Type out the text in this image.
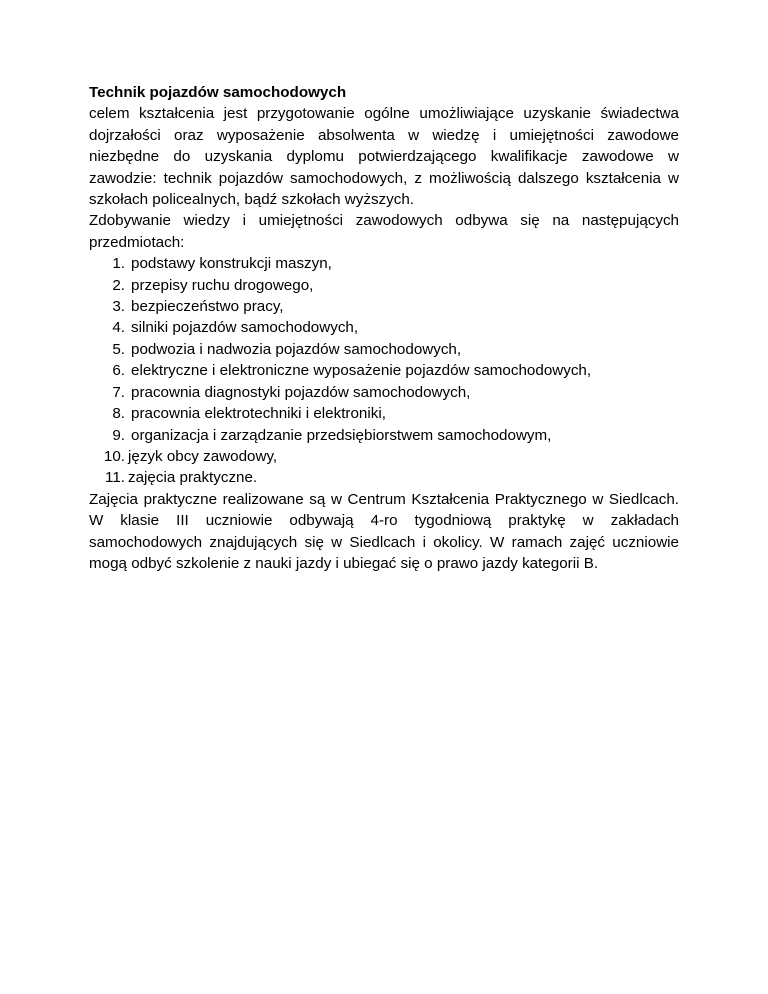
Technik pojazdów samochodowych

celem kształcenia jest przygotowanie ogólne umożliwiające uzyskanie świadectwa dojrzałości oraz wyposażenie absolwenta w wiedzę i umiejętności zawodowe niezbędne do uzyskania dyplomu potwierdzającego kwalifikacje zawodowe w zawodzie: technik pojazdów samochodowych, z możliwością dalszego kształcenia w szkołach policealnych, bądź szkołach wyższych.

Zdobywanie wiedzy i umiejętności zawodowych odbywa się na następujących przedmiotach:

1. podstawy konstrukcji maszyn,
2. przepisy ruchu drogowego,
3. bezpieczeństwo pracy,
4. silniki pojazdów samochodowych,
5. podwozia i nadwozia pojazdów samochodowych,
6. elektryczne i elektroniczne wyposażenie pojazdów samochodowych,
7. pracownia diagnostyki pojazdów samochodowych,
8. pracownia elektrotechniki i elektroniki,
9. organizacja i zarządzanie przedsiębiorstwem samochodowym,
10. język obcy zawodowy,
11. zajęcia praktyczne.

Zajęcia praktyczne realizowane są w Centrum Kształcenia Praktycznego w Siedlcach. W klasie III uczniowie odbywają 4-ro tygodniową praktykę w zakładach samochodowych znajdujących się w Siedlcach i okolicy. W ramach zajęć uczniowie mogą odbyć szkolenie z nauki jazdy i ubiegać się o prawo jazdy kategorii B.
